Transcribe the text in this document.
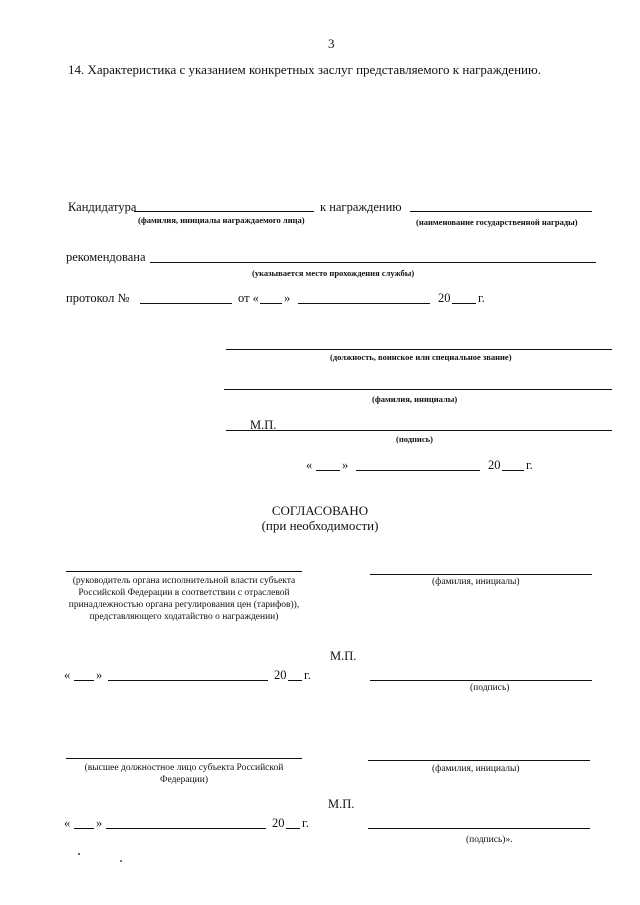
3
14. Характеристика с указанием конкретных заслуг представляемого к награждению.
Кандидатура
(фамилия, инициалы награждаемого лица)
к награждению
(наименование государственной награды)
рекомендована
(указывается место прохождения службы)
протокол №	от « »	20 г.
(должность, воинское или специальное звание)
(фамилия, инициалы)
М.П.
(подпись)
« »	20 г.
СОГЛАСОВАНО
(при необходимости)
(руководитель органа исполнительной власти субъекта Российской Федерации в соответствии с отраслевой принадлежностью органа регулирования цен (тарифов)), представляющего ходатайство о награждении)
(фамилия, инициалы)
М.П.
« »	20 г.
(подпись)
(высшее должностное лицо субъекта Российской Федерации)
(фамилия, инициалы)
М.П.
« »	20 г.
(подпись)».
